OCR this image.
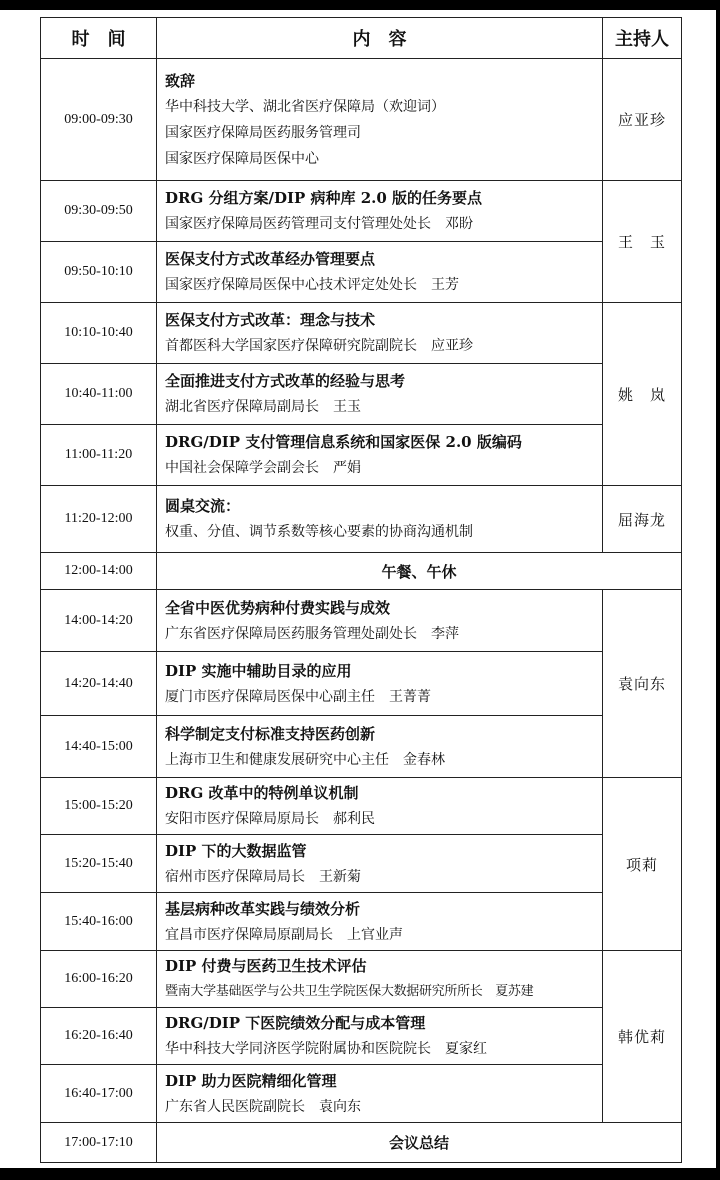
时　间	内　容	主持人
09:00-09:30	致辞
华中科技大学、湖北省医疗保障局（欢迎词）
国家医疗保障局医药服务管理司
国家医疗保障局医保中心	应亚珍
09:30-09:50	DRG 分组方案/DIP 病种库 2.0 版的任务要点
国家医疗保障局医药管理司支付管理处处长　邓盼	王　玉
09:50-10:10	医保支付方式改革经办管理要点
国家医疗保障局医保中心技术评定处处长　王芳	

10:10-10:40	医保支付方式改革：理念与技术
首都医科大学国家医疗保障研究院副院长　应亚珍	姚　岚
10:40-11:00	全面推进支付方式改革的经验与思考
湖北省医疗保障局副局长　王玉	

11:00-11:20	DRG/DIP 支付管理信息系统和国家医保 2.0 版编码
中国社会保障学会副会长　严娟	

11:20-12:00	圆桌交流：
权重、分值、调节系数等核心要素的协商沟通机制	屈海龙
12:00-14:00	午餐、午休	
14:00-14:20	全省中医优势病种付费实践与成效
广东省医疗保障局医药服务管理处副处长　李萍	袁向东
14:20-14:40	DIP 实施中辅助目录的应用
厦门市医疗保障局医保中心副主任　王菁菁	

14:40-15:00	科学制定支付标准支持医药创新
上海市卫生和健康发展研究中心主任　金春林	

15:00-15:20	DRG 改革中的特例单议机制
安阳市医疗保障局原局长　郝利民	项莉
15:20-15:40	DIP 下的大数据监管
宿州市医疗保障局局长　王新菊	

15:40-16:00	基层病种改革实践与绩效分析
宜昌市医疗保障局原副局长　上官业声	

16:00-16:20	DIP 付费与医药卫生技术评估
暨南大学基础医学与公共卫生学院医保大数据研究所所长　夏苏建	韩优莉
16:20-16:40	DRG/DIP 下医院绩效分配与成本管理
华中科技大学同济医学院附属协和医院院长　夏家红	

16:40-17:00	DIP 助力医院精细化管理
广东省人民医院副院长　袁向东	

17:00-17:10	会议总结	
